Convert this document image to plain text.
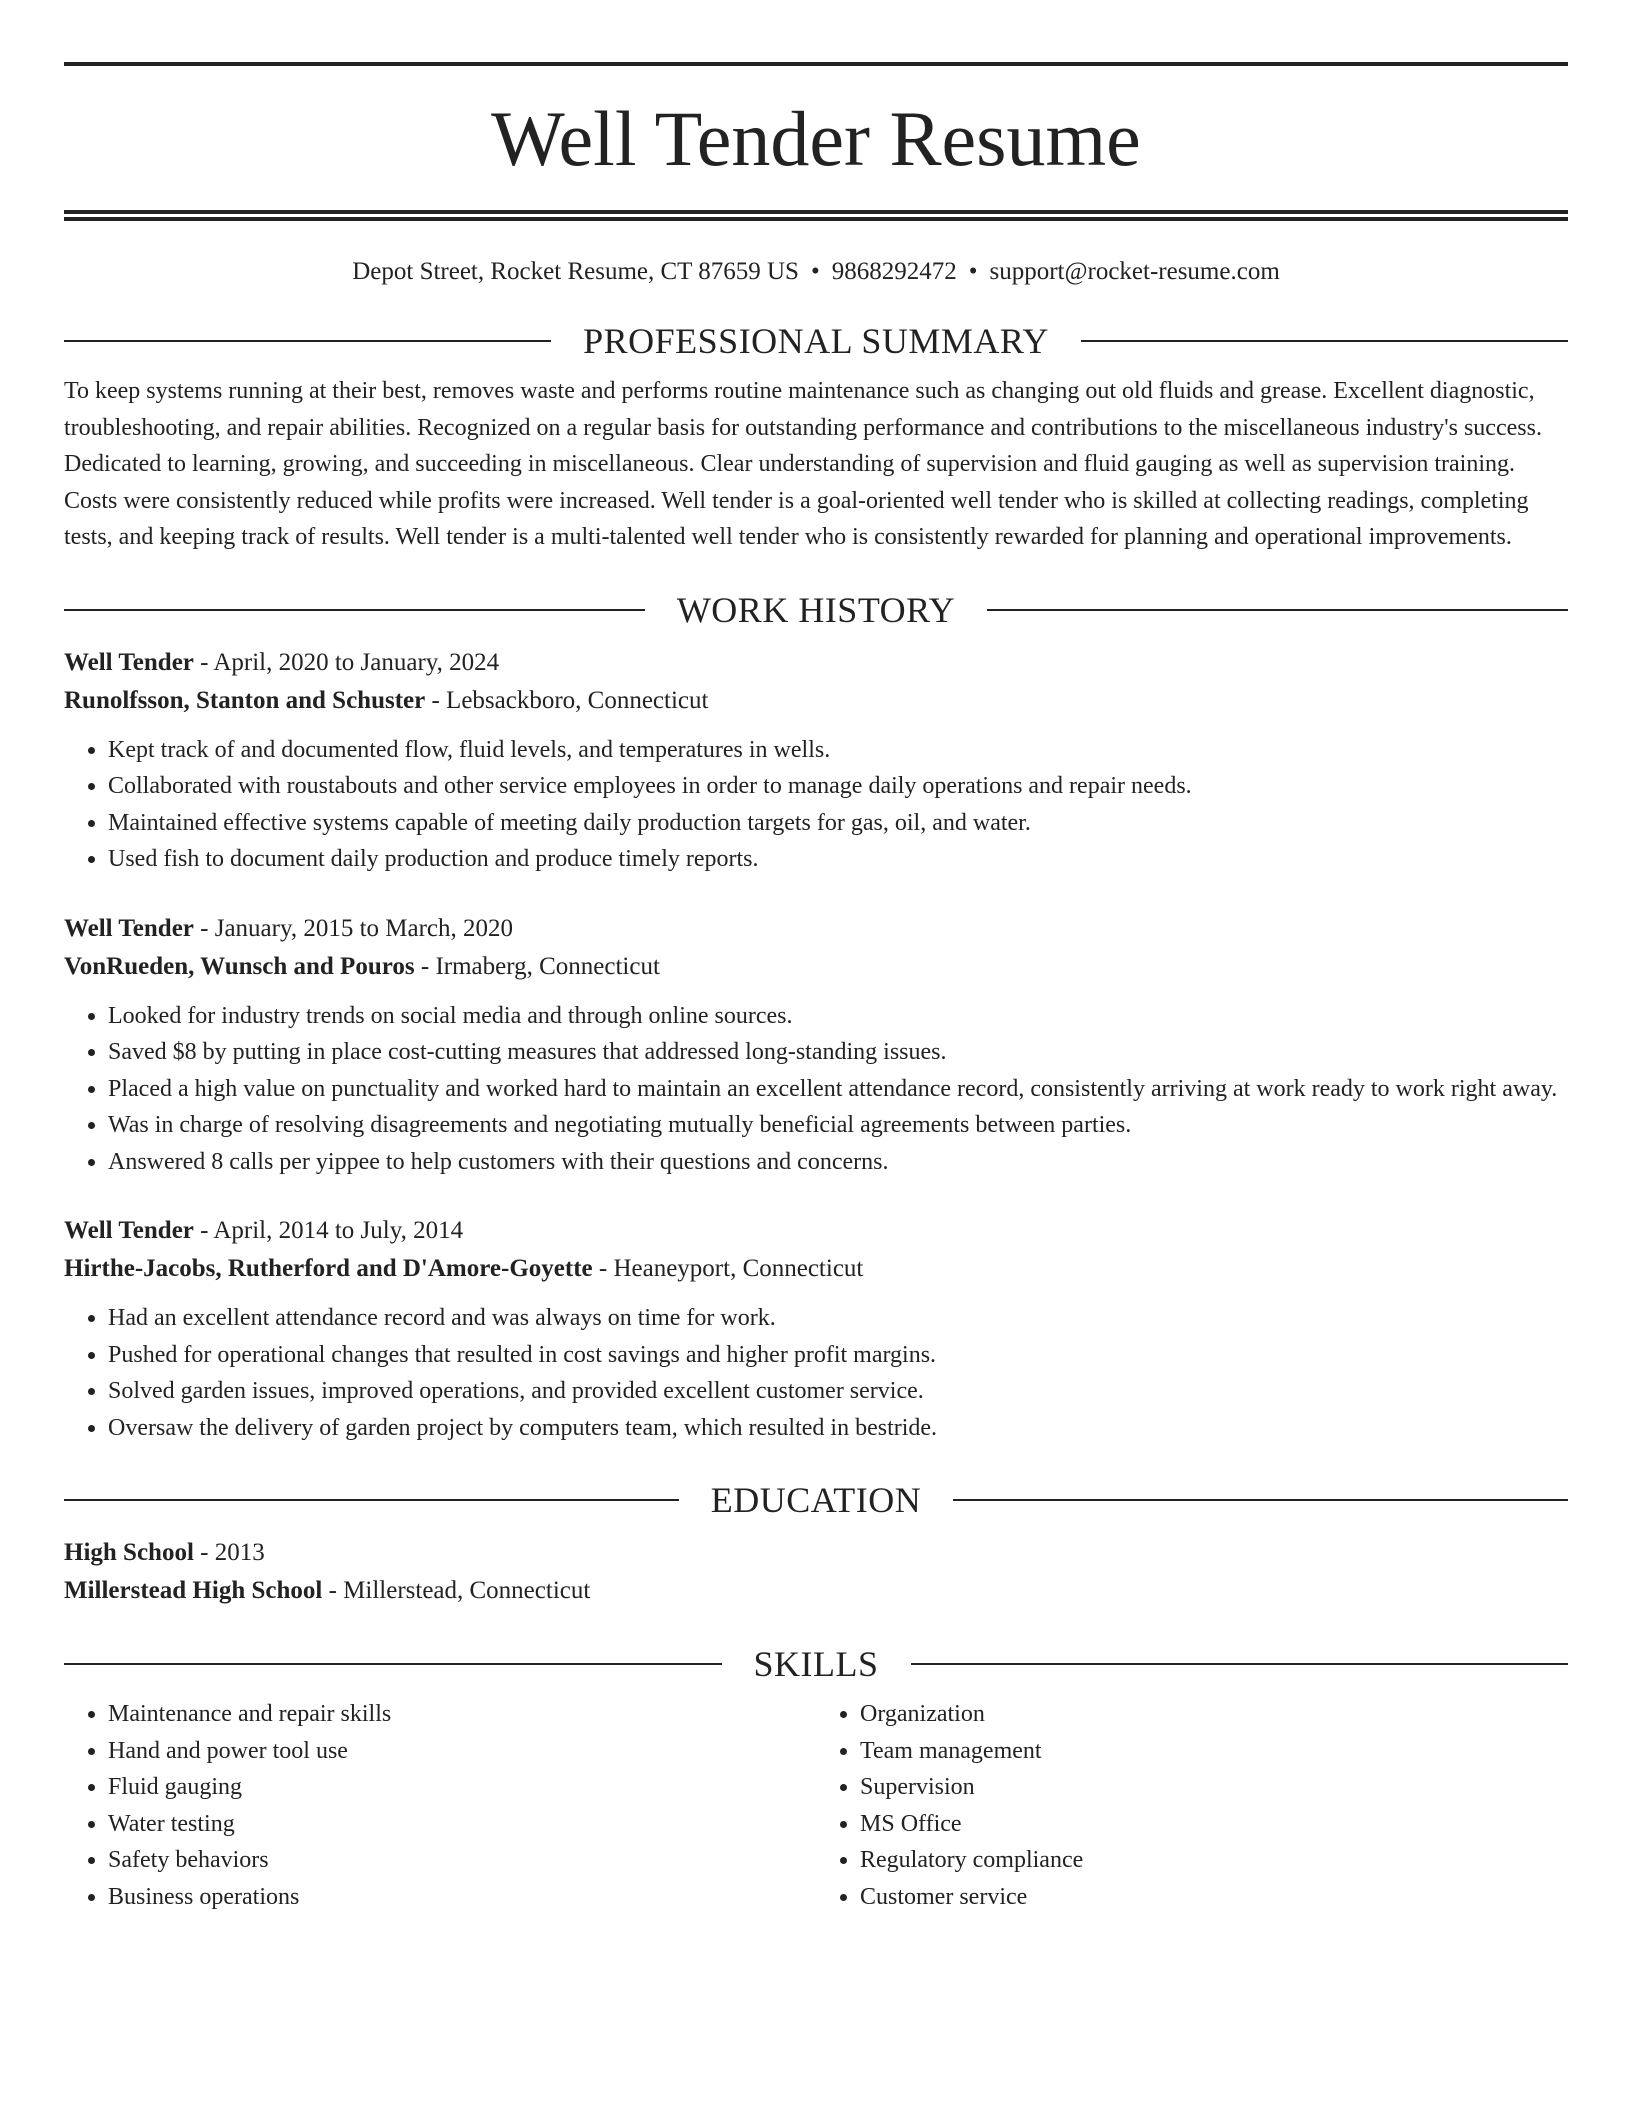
Well Tender Resume
Depot Street, Rocket Resume, CT 87659 US • 9868292472 • support@rocket-resume.com
PROFESSIONAL SUMMARY

To keep systems running at their best, removes waste and performs routine maintenance such as changing out old fluids and grease. Excellent diagnostic, troubleshooting, and repair abilities. Recognized on a regular basis for outstanding performance and contributions to the miscellaneous industry's success. Dedicated to learning, growing, and succeeding in miscellaneous. Clear understanding of supervision and fluid gauging as well as supervision training. Costs were consistently reduced while profits were increased. Well tender is a goal-oriented well tender who is skilled at collecting readings, completing tests, and keeping track of results. Well tender is a multi-talented well tender who is consistently rewarded for planning and operational improvements.

WORK HISTORY
Well Tender - April, 2020 to January, 2024
Runolfsson, Stanton and Schuster - Lebsackboro, Connecticut
• Kept track of and documented flow, fluid levels, and temperatures in wells.
• Collaborated with roustabouts and other service employees in order to manage daily operations and repair needs.
• Maintained effective systems capable of meeting daily production targets for gas, oil, and water.
• Used fish to document daily production and produce timely reports.
Well Tender - January, 2015 to March, 2020
VonRueden, Wunsch and Pouros - Irmaberg, Connecticut
• Looked for industry trends on social media and through online sources.
• Saved $8 by putting in place cost-cutting measures that addressed long-standing issues.
• Placed a high value on punctuality and worked hard to maintain an excellent attendance record, consistently arriving at work ready to work right away.
• Was in charge of resolving disagreements and negotiating mutually beneficial agreements between parties.
• Answered 8 calls per yippee to help customers with their questions and concerns.
Well Tender - April, 2014 to July, 2014
Hirthe-Jacobs, Rutherford and D'Amore-Goyette - Heaneyport, Connecticut
• Had an excellent attendance record and was always on time for work.
• Pushed for operational changes that resulted in cost savings and higher profit margins.
• Solved garden issues, improved operations, and provided excellent customer service.
• Oversaw the delivery of garden project by computers team, which resulted in bestride.
EDUCATION
High School - 2013
Millerstead High School - Millerstead, Connecticut
SKILLS
• Maintenance and repair skills
• Hand and power tool use
• Fluid gauging
• Water testing
• Safety behaviors
• Business operations
• Organization
• Team management
• Supervision
• MS Office
• Regulatory compliance
• Customer service
